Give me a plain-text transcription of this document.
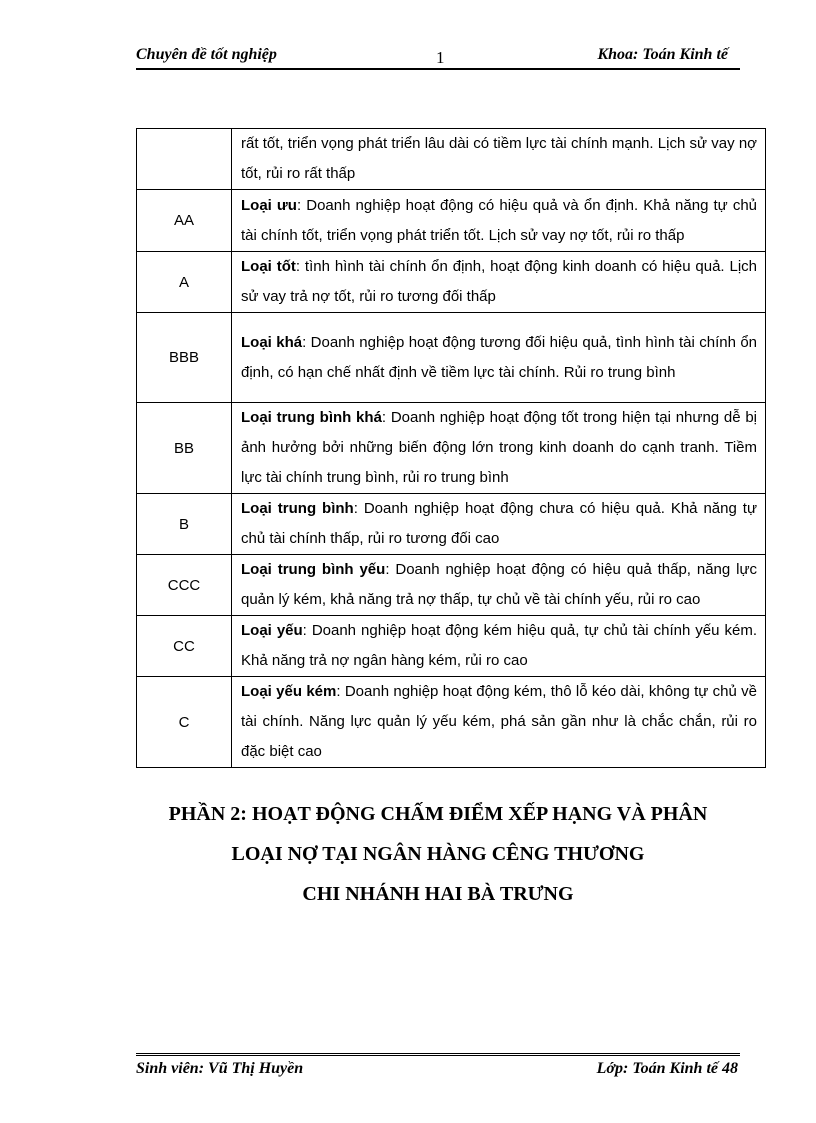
Chuyên đề tốt nghiệp	1	Khoa: Toán Kinh tế
	rất tốt, triển vọng phát triển lâu dài có tiềm lực tài chính mạnh. Lịch sử vay nợ tốt, rủi ro rất thấp
AA	Loại ưu: Doanh nghiệp hoạt động có hiệu quả và ổn định. Khả năng tự chủ tài chính tốt, triển vọng phát triển tốt. Lịch sử vay nợ tốt, rủi ro thấp
A	Loại tốt: tình hình tài chính ổn định, hoạt động kinh doanh có hiệu quả. Lịch sử vay trả nợ tốt, rủi ro tương đối thấp
BBB	Loại khá: Doanh nghiệp hoạt động tương đối hiệu quả, tình hình tài chính ổn định, có hạn chế nhất định về tiềm lực tài chính. Rủi ro trung bình
BB	Loại trung bình khá: Doanh nghiệp hoạt động tốt trong hiện tại nhưng dễ bị ảnh hưởng bởi những biến động lớn trong kinh doanh do cạnh tranh. Tiềm lực tài chính trung bình, rủi ro trung bình
B	Loại trung bình: Doanh nghiệp hoạt động chưa có hiệu quả. Khả năng tự chủ tài chính thấp, rủi ro tương đối cao
CCC	Loại trung bình yếu: Doanh nghiệp hoạt động có hiệu quả thấp, năng lực quản lý kém, khả năng trả nợ thấp, tự chủ về tài chính yếu, rủi ro cao
CC	Loại yếu: Doanh nghiệp hoạt động kém hiệu quả, tự chủ tài chính yếu kém. Khả năng trả nợ ngân hàng kém, rủi ro cao
C	Loại yếu kém: Doanh nghiệp hoạt động kém, thô lỗ kéo dài, không tự chủ về tài chính. Năng lực quản lý yếu kém, phá sản gần như là chắc chắn, rủi ro đặc biệt cao
PHẦN 2: HOẠT ĐỘNG CHẤM ĐIỂM XẾP HẠNG VÀ PHÂN
LOẠI NỢ TẠI NGÂN HÀNG CÊNG THƯƠNG
CHI NHÁNH HAI BÀ TRƯNG
Sinh viên: Vũ Thị Huyền	Lớp: Toán Kinh tế 48
